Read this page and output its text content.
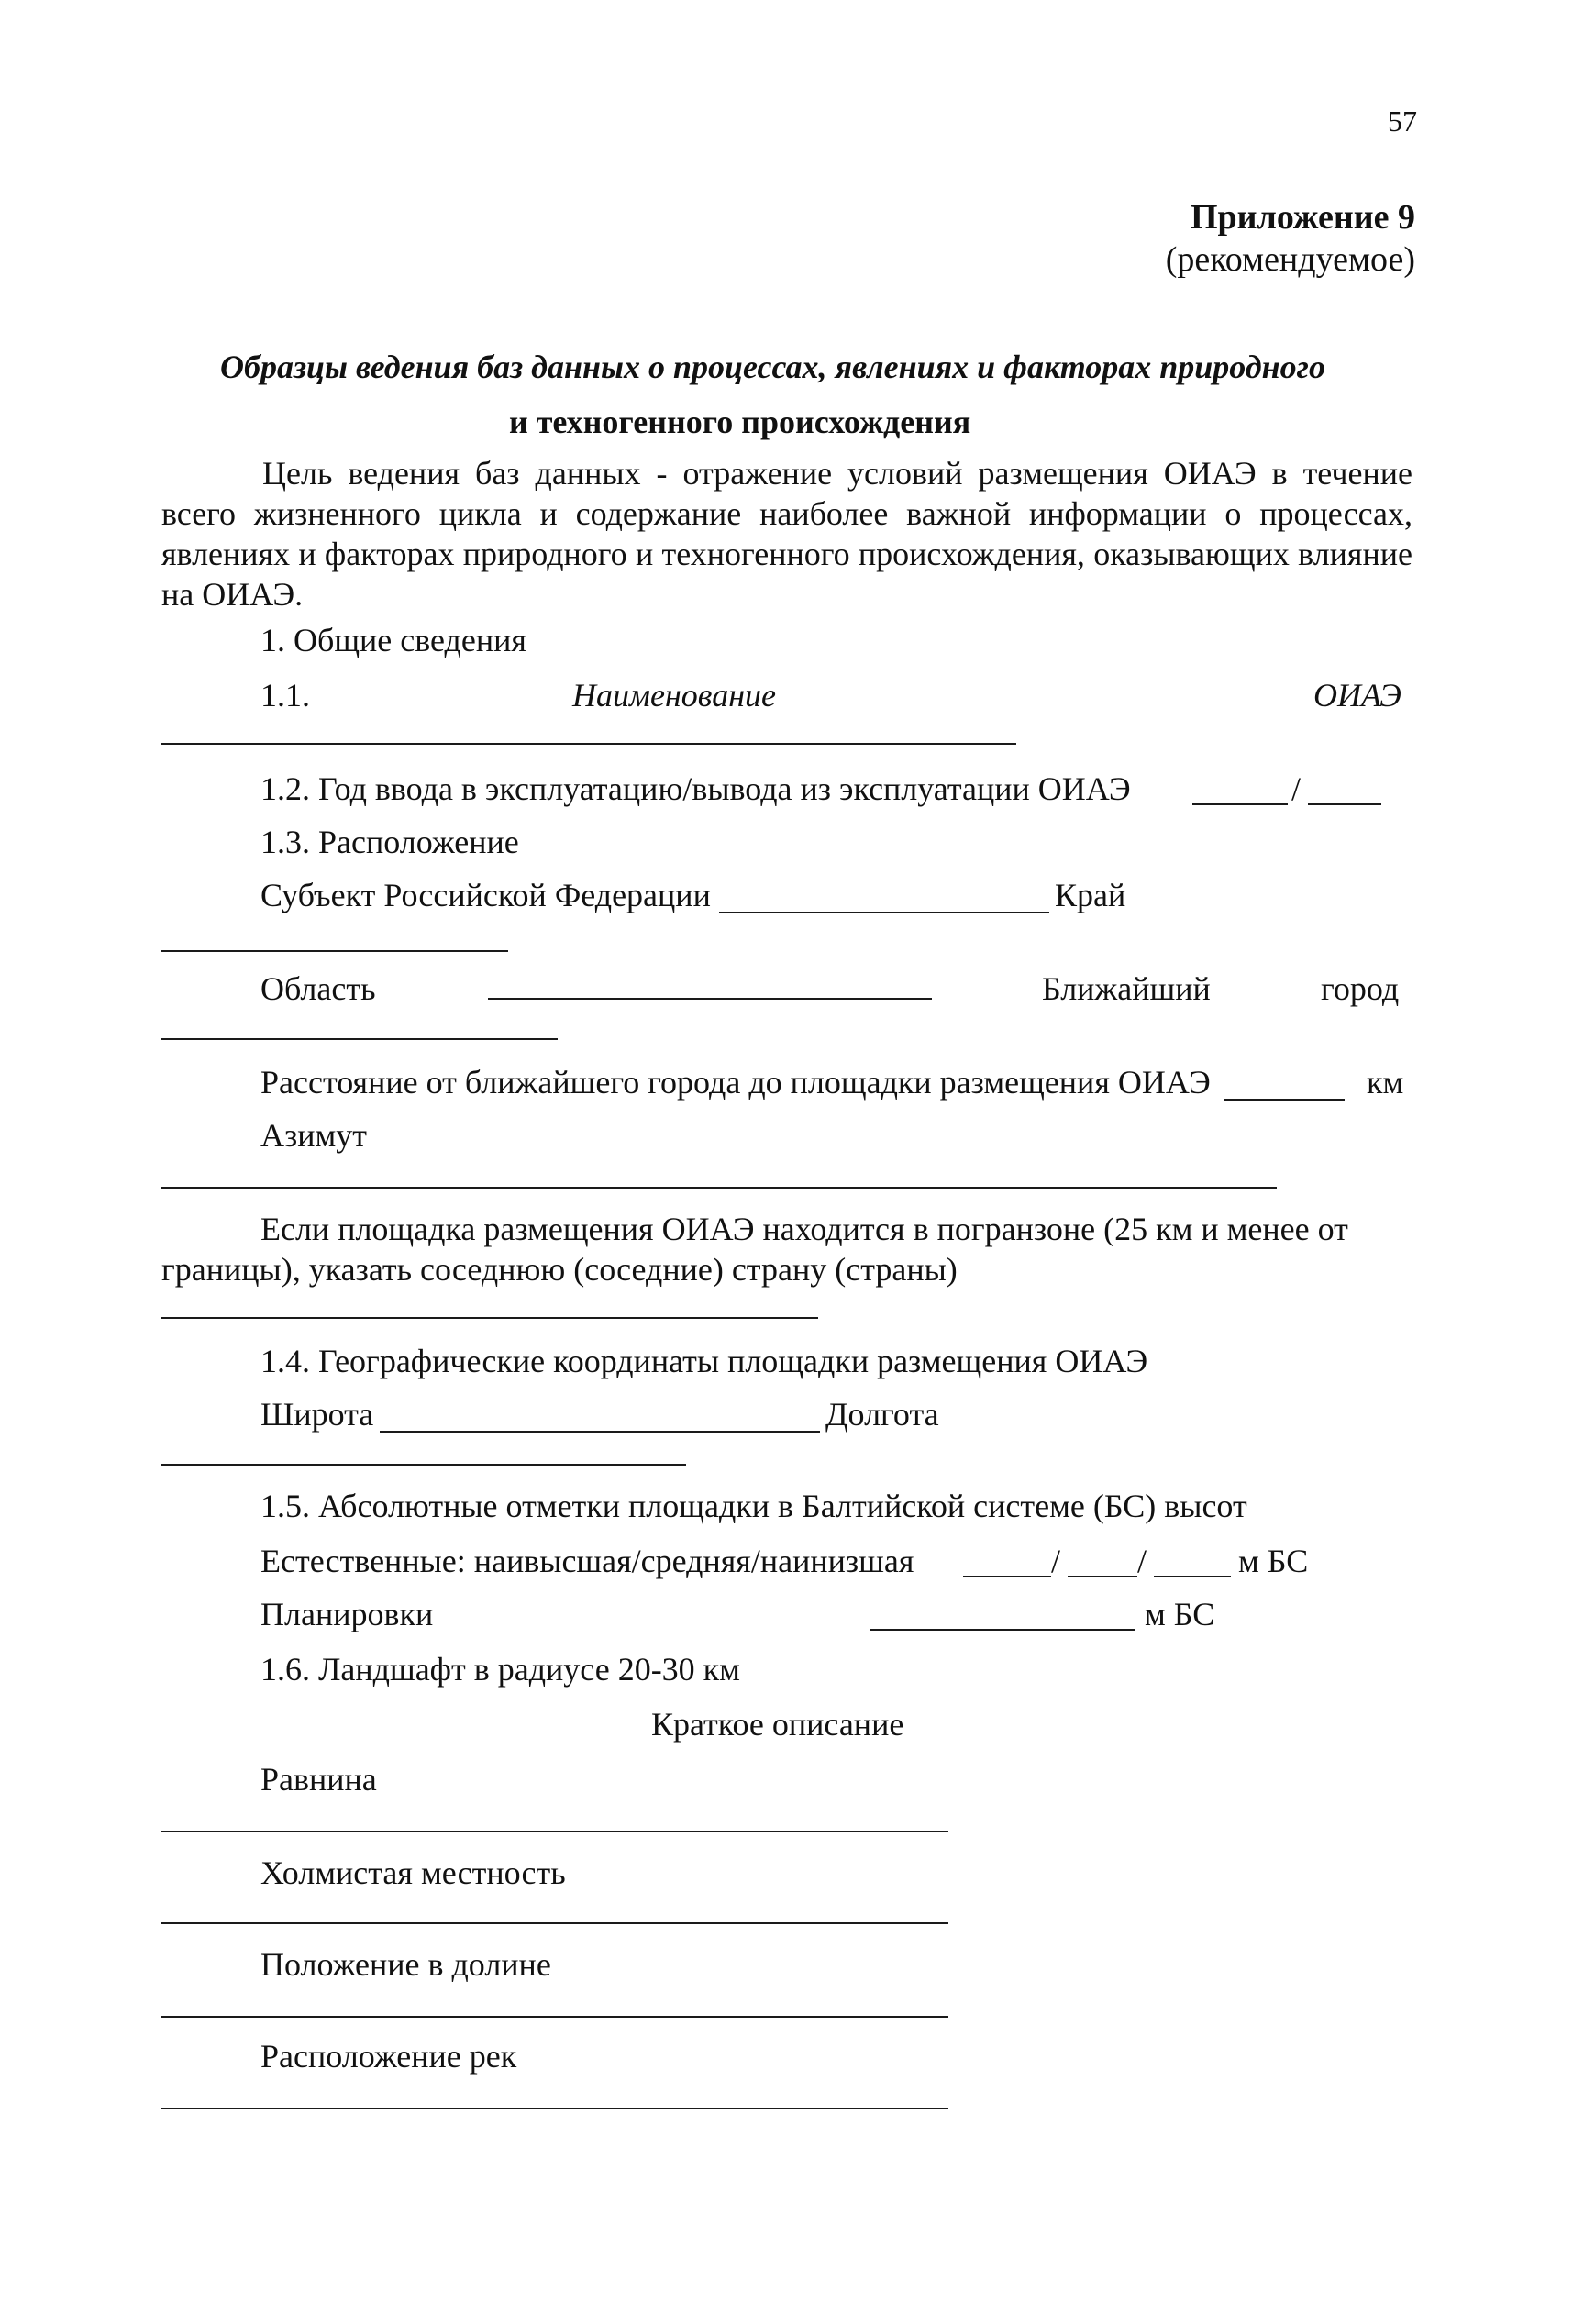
57
Приложение 9
(рекомендуемое)
Образцы ведения баз данных о процессах, явлениях и факторах природного
и техногенного происхождения
Цель ведения баз данных - отражение условий размещения ОИАЭ в течение всего жизненного цикла и содержание наиболее важной информации о процессах, явлениях и факторах природного и техногенного происхождения, оказывающих влияние на ОИАЭ.
1. Общие сведения
1.1.	Наименование	ОИАЭ
1.2. Год ввода в эксплуатацию/вывода из эксплуатации ОИАЭ	/
1.3. Расположение
Субъект Российской Федерации	Край
Область	Ближайший	город
Расстояние от ближайшего города до площадки размещения ОИАЭ	км
Азимут
Если площадка размещения ОИАЭ находится в погранзоне (25 км и менее от
границы), указать соседнюю (соседние) страну (страны)
1.4. Географические координаты площадки размещения ОИАЭ
Широта	Долгота
1.5. Абсолютные отметки площадки в Балтийской системе (БС) высот
Естественные: наивысшая/средняя/наинизшая	/ /	м БС
Планировки	м БС
1.6. Ландшафт в радиусе 20-30 км
Краткое описание
Равнина
Холмистая местность
Положение в долине
Расположение рек
